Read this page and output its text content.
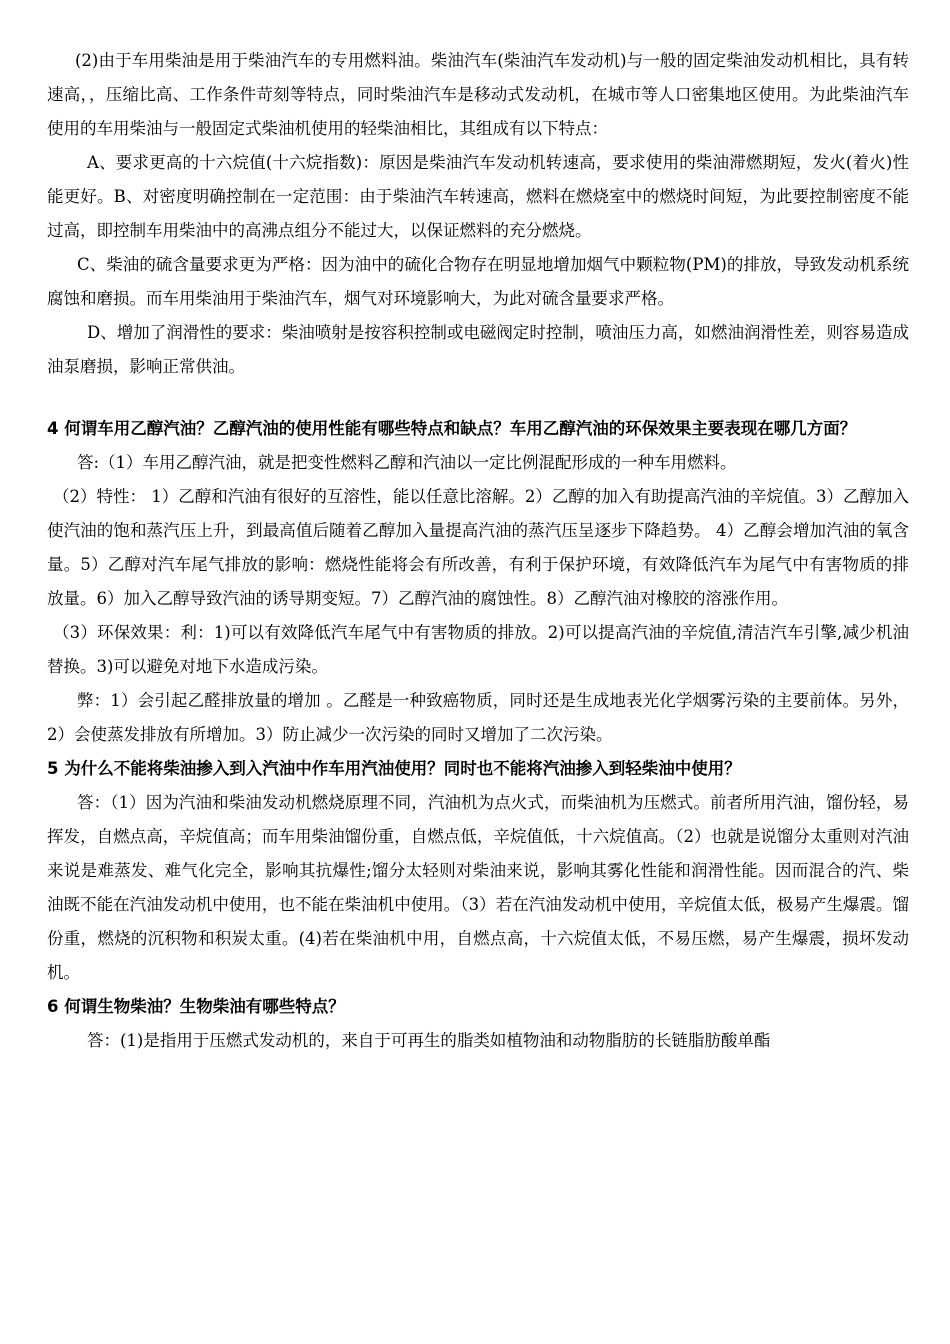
(2)由于车用柴油是用于柴油汽车的专用燃料油。柴油汽车(柴油汽车发动机)与一般的固定柴油发动机相比，具有转速高，，压缩比高、工作条件苛刻等特点，同时柴油汽车是移动式发动机，在城市等人口密集地区使用。为此柴油汽车使用的车用柴油与一般固定式柴油机使用的轻柴油相比，其组成有以下特点：

A、要求更高的十六烷值(十六烷指数)：原因是柴油汽车发动机转速高，要求使用的柴油滞燃期短，发火(着火)性能更好。B、对密度明确控制在一定范围：由于柴油汽车转速高，燃料在燃烧室中的燃烧时间短，为此要控制密度不能过高，即控制车用柴油中的高沸点组分不能过大，以保证燃料的充分燃烧。

C、柴油的硫含量要求更为严格：因为油中的硫化合物存在明显地增加烟气中颗粒物(PM)的排放，导致发动机系统腐蚀和磨损。而车用柴油用于柴油汽车，烟气对环境影响大，为此对硫含量要求严格。

D、增加了润滑性的要求：柴油喷射是按容积控制或电磁阀定时控制，喷油压力高，如燃油润滑性差，则容易造成油泵磨损，影响正常供油。

4 何谓车用乙醇汽油？乙醇汽油的使用性能有哪些特点和缺点？车用乙醇汽油的环保效果主要表现在哪几方面？

答:（1）车用乙醇汽油，就是把变性燃料乙醇和汽油以一定比例混配形成的一种车用燃料。

（2）特性： 1）乙醇和汽油有很好的互溶性，能以任意比溶解。2）乙醇的加入有助提高汽油的辛烷值。3）乙醇加入使汽油的饱和蒸汽压上升，到最高值后随着乙醇加入量提高汽油的蒸汽压呈逐步下降趋势。 4）乙醇会增加汽油的氧含量。5）乙醇对汽车尾气排放的影响：燃烧性能将会有所改善，有利于保护环境，有效降低汽车为尾气中有害物质的排放量。6）加入乙醇导致汽油的诱导期变短。7）乙醇汽油的腐蚀性。8）乙醇汽油对橡胶的溶涨作用。

（3）环保效果：利：1)可以有效降低汽车尾气中有害物质的排放。2)可以提高汽油的辛烷值,清洁汽车引擎,减少机油替换。3)可以避免对地下水造成污染。

弊：1）会引起乙醛排放量的增加 。乙醛是一种致癌物质，同时还是生成地表光化学烟雾污染的主要前体。另外，2）会使蒸发排放有所增加。3）防止减少一次污染的同时又增加了二次污染。

5 为什么不能将柴油掺入到入汽油中作车用汽油使用？同时也不能将汽油掺入到轻柴油中使用？

答：（1）因为汽油和柴油发动机燃烧原理不同，汽油机为点火式，而柴油机为压燃式。前者所用汽油，馏份轻，易挥发，自燃点高，辛烷值高；而车用柴油馏份重，自燃点低，辛烷值低，十六烷值高。（2）也就是说馏分太重则对汽油来说是难蒸发、难气化完全，影响其抗爆性;馏分太轻则对柴油来说，影响其雾化性能和润滑性能。因而混合的汽、柴油既不能在汽油发动机中使用，也不能在柴油机中使用。（3）若在汽油发动机中使用，辛烷值太低，极易产生爆震。馏份重，燃烧的沉积物和积炭太重。(4)若在柴油机中用，自燃点高，十六烷值太低，不易压燃，易产生爆震，损坏发动机。

6 何谓生物柴油？生物柴油有哪些特点？

答：(1)是指用于压燃式发动机的，来自于可再生的脂类如植物油和动物脂肪的长链脂肪酸单酯
